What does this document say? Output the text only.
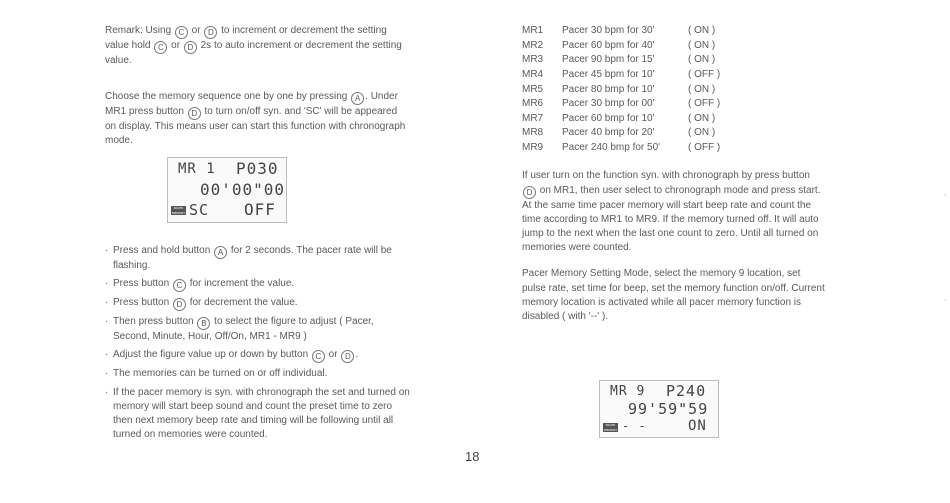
Remark: Using C or D to increment or decrement the setting value hold C or D 2s to auto increment or decrement the setting value.

Choose the memory sequence one by one by pressing A . Under MR1 press button D to turn on/off syn. and 'SC' will be appeared on display. This means user can start this function with chronograph mode.

MR 1 P030
00'00"00
PACER MEMORY SC OFF
· Press and hold button A for 2 seconds. The pacer rate will be flashing.
· Press button C for increment the value.
· Press button D for decrement the value.
· Then press button B to select the figure to adjust ( Pacer, Second, Minute, Hour, Off/On, MR1 - MR9 )
· Adjust the figure value up or down by button C or D .
· The memories can be turned on or off individual.
· If the pacer memory is syn. with chronograph the set and turned on memory will start beep sound and count the preset time to zero then next memory beep rate and timing will be following until all turned on memories were counted.
MR1	Pacer 30 bpm for 30'	( ON )
MR2	Pacer 60 bpm for 40'	( ON )
MR3	Pacer 90 bpm for 15'	( ON )
MR4	Pacer 45 bpm for 10'	( OFF )
MR5	Pacer 80 bmp for 10'	( ON )
MR6	Pacer 30 bmp for 00'	( OFF )
MR7	Pacer 60 bmp for 10'	( ON )
MR8	Pacer 40 bmp for 20'	( ON )
MR9	Pacer 240 bmp for 50'	( OFF )

If user turn on the function syn. with chronograph by press button D on MR1, then user select to chronograph mode and press start. At the same time pacer memory will start beep rate and count the time according to MR1 to MR9. If the memory turned off. It will auto jump to the next when the last one count to zero. Until all turned on memories were counted.

Pacer Memory Setting Mode, select the memory 9 location, set pulse rate, set time for beep, set the memory function on/off. Current memory location is activated while all pacer memory function is disabled ( with '--' ).

MR 9 P240
99'59"59
PACER MEMORY - -	ON
18
‹
‹
